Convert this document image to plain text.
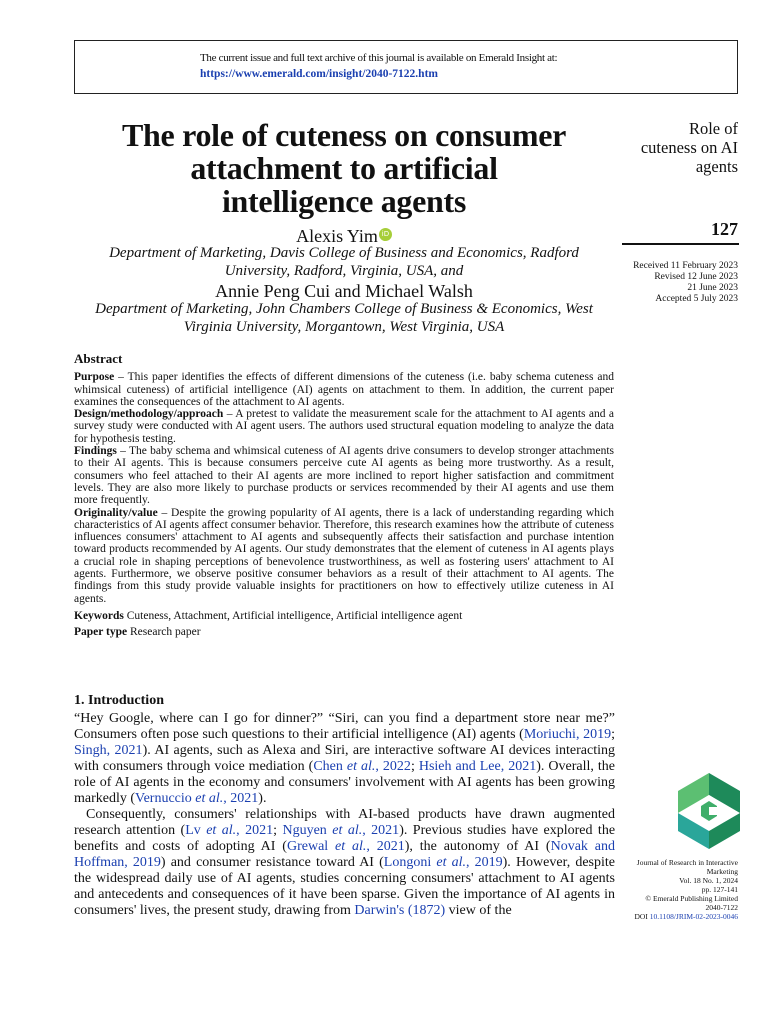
The current issue and full text archive of this journal is available on Emerald Insight at:
https://www.emerald.com/insight/2040-7122.htm
The role of cuteness on consumer
attachment to artificial
intelligence agents
Alexis Yim iD
Department of Marketing, Davis College of Business and Economics, Radford
University, Radford, Virginia, USA, and
Annie Peng Cui and Michael Walsh
Department of Marketing, John Chambers College of Business & Economics, West
Virginia University, Morgantown, West Virginia, USA
Role of
cuteness on AI
agents
127
Received 11 February 2023
Revised 12 June 2023
21 June 2023
Accepted 5 July 2023
Abstract

Purpose – This paper identifies the effects of different dimensions of the cuteness (i.e. baby schema cuteness and whimsical cuteness) of artificial intelligence (AI) agents on attachment to them. In addition, the current paper examines the consequences of the attachment to AI agents.

Design/methodology/approach – A pretest to validate the measurement scale for the attachment to AI agents and a survey study were conducted with AI agent users. The authors used structural equation modeling to analyze the data for hypothesis testing.

Findings – The baby schema and whimsical cuteness of AI agents drive consumers to develop stronger attachments to their AI agents. This is because consumers perceive cute AI agents as being more trustworthy. As a result, consumers who feel attached to their AI agents are more inclined to report higher satisfaction and commitment levels. They are also more likely to purchase products or services recommended by their AI agents and use them more frequently.

Originality/value – Despite the growing popularity of AI agents, there is a lack of understanding regarding which characteristics of AI agents affect consumer behavior. Therefore, this research examines how the attribute of cuteness influences consumers' attachment to AI agents and subsequently affects their satisfaction and purchase intention toward products recommended by AI agents. Our study demonstrates that the element of cuteness in AI agents plays a crucial role in shaping perceptions of benevolence trustworthiness, as well as fostering users' attachment to AI agents. Furthermore, we observe positive consumer behaviors as a result of their attachment to AI agents. The findings from this study provide valuable insights for practitioners on how to effectively utilize cuteness in AI agents.

Keywords Cuteness, Attachment, Artificial intelligence, Artificial intelligence agent

Paper type Research paper

1. Introduction

“Hey Google, where can I go for dinner?” “Siri, can you find a department store near me?” Consumers often pose such questions to their artificial intelligence (AI) agents (Moriuchi, 2019; Singh, 2021). AI agents, such as Alexa and Siri, are interactive software AI devices interacting with consumers through voice mediation (Chen et al., 2022; Hsieh and Lee, 2021). Overall, the role of AI agents in the economy and consumers' involvement with AI agents has been growing markedly (Vernuccio et al., 2021).

Consequently, consumers' relationships with AI-based products have drawn augmented research attention (Lv et al., 2021; Nguyen et al., 2021). Previous studies have explored the benefits and costs of adopting AI (Grewal et al., 2021), the autonomy of AI (Novak and Hoffman, 2019) and consumer resistance toward AI (Longoni et al., 2019). However, despite the widespread daily use of AI agents, studies concerning consumers' attachment to AI agents and antecedents and consequences of it have been sparse. Given the importance of AI agents in consumers' lives, the present study, drawing from Darwin's (1872) view of the

Journal of Research in Interactive Marketing
Vol. 18 No. 1, 2024
pp. 127-141
© Emerald Publishing Limited
2040-7122
DOI 10.1108/JRIM-02-2023-0046
